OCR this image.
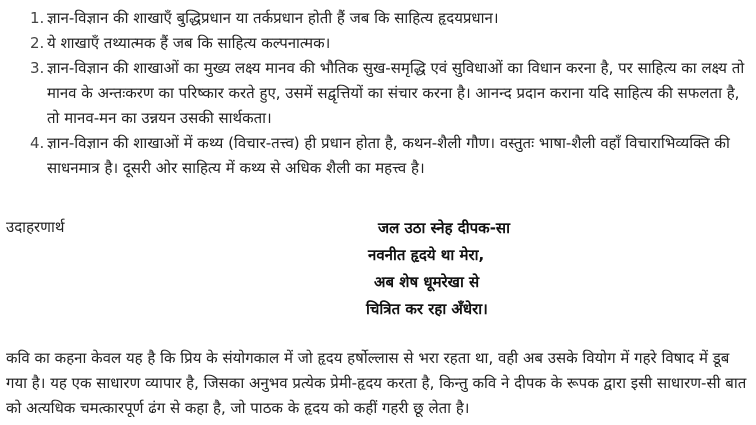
1. ज्ञान-विज्ञान की शाखाएँ बुद्धिप्रधान या तर्कप्रधान होती हैं जब कि साहित्य हृदयप्रधान।
2. ये शाखाएँ तथ्यात्मक हैं जब कि साहित्य कल्पनात्मक।
3. ज्ञान-विज्ञान की शाखाओं का मुख्य लक्ष्य मानव की भौतिक सुख-समृद्धि एवं सुविधाओं का विधान करना है, पर साहित्य का लक्ष्य तो मानव के अन्तःकरण का परिष्कार करते हुए, उसमें सद्वृत्तियों का संचार करना है। आनन्द प्रदान कराना यदि साहित्य की सफलता है, तो मानव-मन का उन्नयन उसकी सार्थकता।
4. ज्ञान-विज्ञान की शाखाओं में कथ्य (विचार-तत्त्व) ही प्रधान होता है, कथन-शैली गौण। वस्तुतः भाषा-शैली वहाँ विचाराभिव्यक्ति की साधनमात्र है। दूसरी ओर साहित्य में कथ्य से अधिक शैली का महत्त्व है।
उदाहरणार्थ	जल उठा स्नेह दीपक-सा
नवनीत हृदये था मेरा,
अब शेष धूमरेखा से
चित्रित कर रहा अँधेरा।

कवि का कहना केवल यह है कि प्रिय के संयोगकाल में जो हृदय हर्षोल्लास से भरा रहता था, वही अब उसके वियोग में गहरे विषाद में डूब गया है। यह एक साधारण व्यापार है, जिसका अनुभव प्रत्येक प्रेमी-हृदय करता है, किन्तु कवि ने दीपक के रूपक द्वारा इसी साधारण-सी बात को अत्यधिक चमत्कारपूर्ण ढंग से कहा है, जो पाठक के हृदय को कहीं गहरी छू लेता है।
